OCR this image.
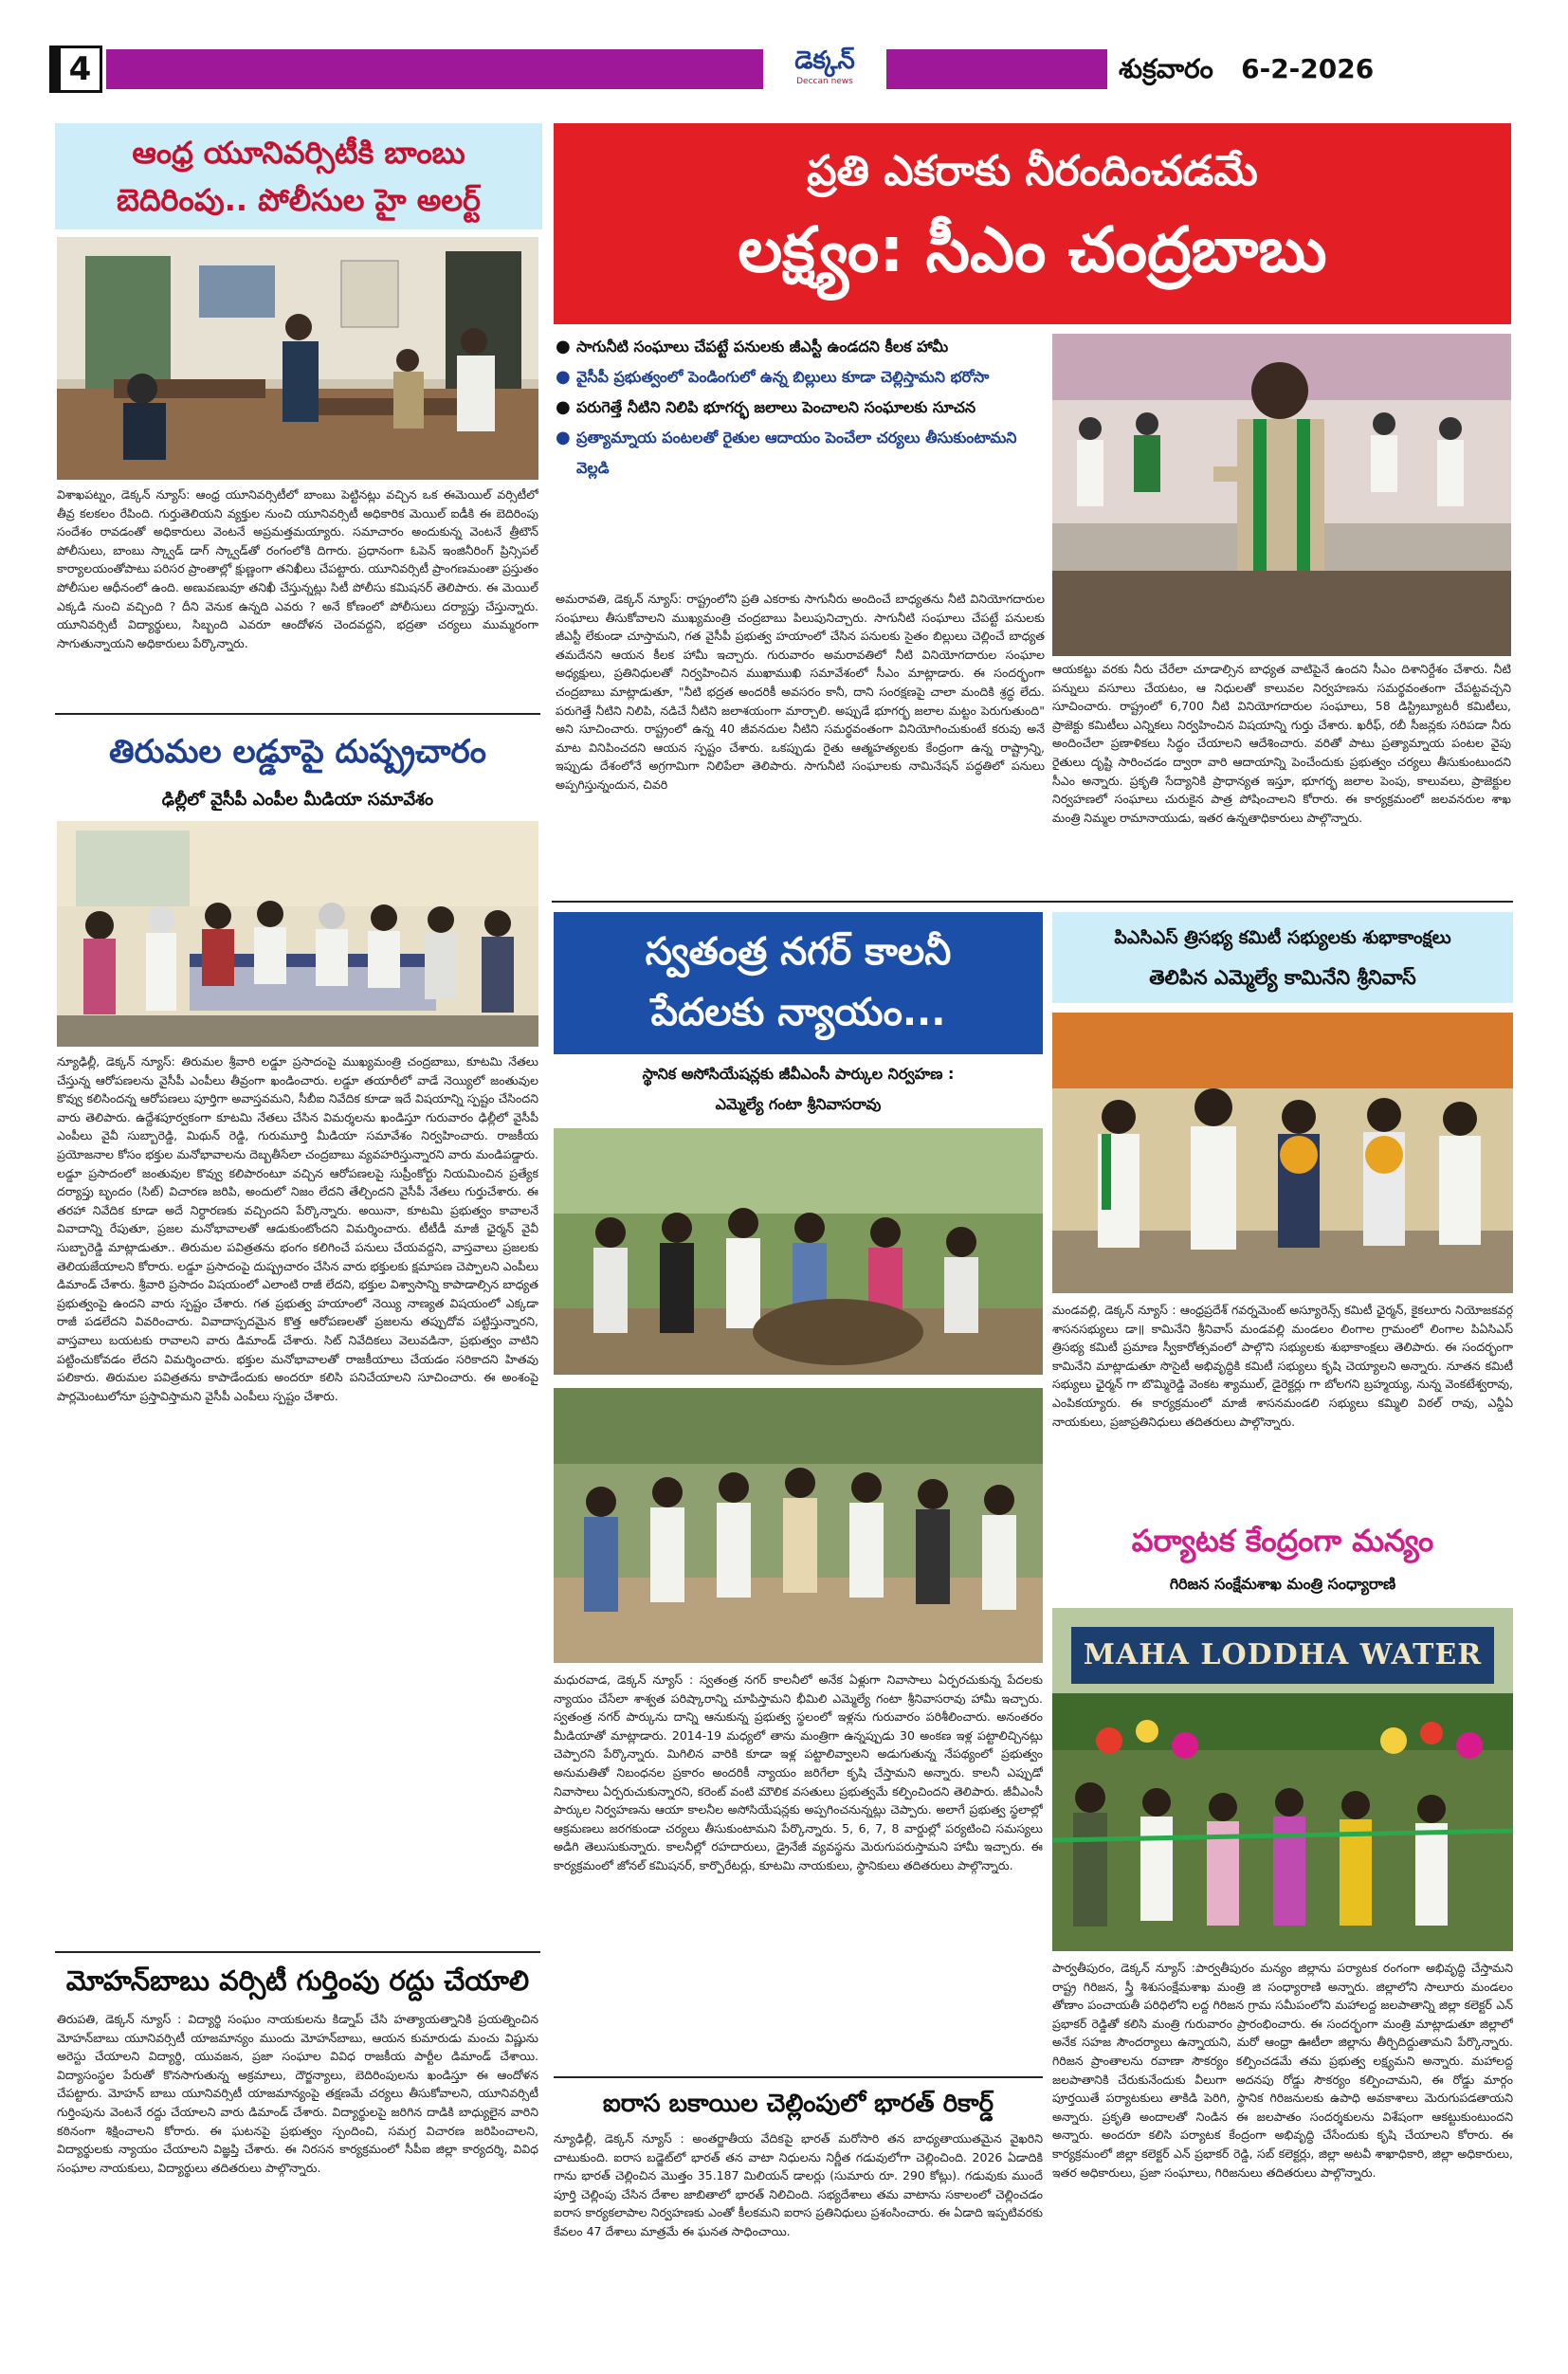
4	డెక్కన్
Deccan news	శుక్రవారం   6-2-2026
ఆంధ్ర యూనివర్సిటీకి బాంబు
బెదిరింపు.. పోలీసుల హై అలర్ట్
విశాఖపట్నం, డెక్కన్ న్యూస్: ఆంధ్ర యూనివర్సిటీలో బాంబు పెట్టినట్లు వచ్చిన ఒక ఈమెయిల్ వర్సిటీలో తీవ్ర కలకలం రేపింది. గుర్తుతెలియని వ్యక్తుల నుంచి యూనివర్సిటీ అధికారిక మెయిల్ ఐడీకి ఈ బెదిరింపు సందేశం రావడంతో అధికారులు వెంటనే అప్రమత్తమయ్యారు. సమాచారం అందుకున్న వెంటనే త్రీటౌన్ పోలీసులు, బాంబు స్క్వాడ్ డాగ్ స్క్వాడ్‌తో రంగంలోకి దిగారు. ప్రధానంగా ఓపెన్ ఇంజినీరింగ్ ప్రిన్సిపల్ కార్యాలయంతోపాటు పరిసర ప్రాంతాల్లో క్షుణ్ణంగా తనిఖీలు చేపట్టారు. యూనివర్సిటీ ప్రాంగణమంతా ప్రస్తుతం పోలీసుల ఆధీనంలో ఉంది. అణువణువూ తనిఖీ చేస్తున్నట్లు సిటీ పోలీసు కమిషనర్ తెలిపారు. ఈ మెయిల్ ఎక్కడి నుంచి వచ్చింది ? దీని వెనుక ఉన్నది ఎవరు ? అనే కోణంలో పోలీసులు దర్యాప్తు చేస్తున్నారు. యూనివర్సిటీ విద్యార్థులు, సిబ్బంది ఎవరూ ఆందోళన చెందవద్దని, భద్రతా చర్యలు ముమ్మరంగా సాగుతున్నాయని అధికారులు పేర్కొన్నారు.
తిరుమల లడ్డూపై దుష్ప్రచారం
ఢిల్లీలో వైసీపీ ఎంపీల మీడియా సమావేశం
న్యూఢిల్లీ, డెక్కన్ న్యూస్: తిరుమల శ్రీవారి లడ్డూ ప్రసాదంపై ముఖ్యమంత్రి చంద్రబాబు, కూటమి నేతలు చేస్తున్న ఆరోపణలను వైసీపీ ఎంపీలు తీవ్రంగా ఖండించారు. లడ్డూ తయారీలో వాడే నెయ్యిలో జంతువుల కొవ్వు కలిసిందన్న ఆరోపణలు పూర్తిగా అవాస్తవమని, సీబీఐ నివేదిక కూడా ఇదే విషయాన్ని స్పష్టం చేసిందని వారు తెలిపారు. ఉద్దేశపూర్వకంగా కూటమి నేతలు చేసిన విమర్శలను ఖండిస్తూ గురువారం ఢిల్లీలో వైసీపీ ఎంపీలు వైవీ సుబ్బారెడ్డి, మిథున్ రెడ్డి, గురుమూర్తి మీడియా సమావేశం నిర్వహించారు. రాజకీయ ప్రయోజనాల కోసం భక్తుల మనోభావాలను దెబ్బతీసేలా చంద్రబాబు వ్యవహరిస్తున్నారని వారు మండిపడ్డారు. లడ్డూ ప్రసాదంలో జంతువుల కొవ్వు కలిపారంటూ వచ్చిన ఆరోపణలపై సుప్రీంకోర్టు నియమించిన ప్రత్యేక దర్యాప్తు బృందం (సిట్) విచారణ జరిపి, అందులో నిజం లేదని తేల్చిందని వైసీపీ నేతలు గుర్తుచేశారు. ఈ తరహా నివేదిక కూడా అదే నిర్ధారణకు వచ్చిందని పేర్కొన్నారు. అయినా, కూటమి ప్రభుత్వం కావాలనే వివాదాన్ని రేపుతూ, ప్రజల మనోభావాలతో ఆడుకుంటోందని విమర్శించారు. టీటీడీ మాజీ ఛైర్మన్ వైవీ సుబ్బారెడ్డి మాట్లాడుతూ.. తిరుమల పవిత్రతను భంగం కలిగించే పనులు చేయవద్దని, వాస్తవాలు ప్రజలకు తెలియజేయాలని కోరారు. లడ్డూ ప్రసాదంపై దుష్ప్రచారం చేసిన వారు భక్తులకు క్షమాపణ చెప్పాలని ఎంపీలు డిమాండ్ చేశారు. శ్రీవారి ప్రసాదం విషయంలో ఎలాంటి రాజీ లేదని, భక్తుల విశ్వాసాన్ని కాపాడాల్సిన బాధ్యత ప్రభుత్వంపై ఉందని వారు స్పష్టం చేశారు. గత ప్రభుత్వ హయాంలో నెయ్యి నాణ్యత విషయంలో ఎక్కడా రాజీ పడలేదని వివరించారు. వివాదాస్పదమైన కొత్త ఆరోపణలతో ప్రజలను తప్పుదోవ పట్టిస్తున్నారని, వాస్తవాలు బయటకు రావాలని వారు డిమాండ్ చేశారు. సిట్ నివేదికలు వెలువడినా, ప్రభుత్వం వాటిని పట్టించుకోవడం లేదని విమర్శించారు. భక్తుల మనోభావాలతో రాజకీయాలు చేయడం సరికాదని హితవు పలికారు. తిరుమల పవిత్రతను కాపాడేందుకు అందరూ కలిసి పనిచేయాలని సూచించారు. ఈ అంశంపై పార్లమెంటులోనూ ప్రస్తావిస్తామని వైసీపీ ఎంపీలు స్పష్టం చేశారు.
మోహన్‌బాబు వర్సిటీ గుర్తింపు రద్దు చేయాలి
తిరుపతి, డెక్కన్ న్యూస్ : విద్యార్థి సంఘం నాయకులను కిడ్నాప్ చేసి హత్యాయత్నానికి ప్రయత్నించిన మోహన్‌బాబు యూనివర్సిటీ యాజమాన్యం ముందు మోహన్‌బాబు, ఆయన కుమారుడు మంచు విష్ణును అరెస్టు చేయాలని విద్యార్థి, యువజన, ప్రజా సంఘాల వివిధ రాజకీయ పార్టీల డిమాండ్ చేశాయి. విద్యాసంస్థల పేరుతో కొనసాగుతున్న అక్రమాలు, దౌర్జన్యాలు, బెదిరింపులను ఖండిస్తూ ఈ ఆందోళన చేపట్టారు. మోహన్ బాబు యూనివర్సిటీ యాజమాన్యంపై తక్షణమే చర్యలు తీసుకోవాలని, యూనివర్సిటీ గుర్తింపును వెంటనే రద్దు చేయాలని వారు డిమాండ్ చేశారు. విద్యార్థులపై జరిగిన దాడికి బాధ్యులైన వారిని కఠినంగా శిక్షించాలని కోరారు. ఈ ఘటనపై ప్రభుత్వం స్పందించి, సమగ్ర విచారణ జరిపించాలని, విద్యార్థులకు న్యాయం చేయాలని విజ్ఞప్తి చేశారు. ఈ నిరసన కార్యక్రమంలో సీపీఐ జిల్లా కార్యదర్శి, వివిధ సంఘాల నాయకులు, విద్యార్థులు తదితరులు పాల్గొన్నారు.
ప్రతి ఎకరాకు నీరందించడమే
లక్ష్యం: సీఎం చంద్రబాబు
● సాగునీటి సంఘాలు చేపట్టే పనులకు జీఎస్టీ ఉండదని కీలక హామీ
● వైసీపీ ప్రభుత్వంలో పెండింగులో ఉన్న బిల్లులు కూడా చెల్లిస్తామని భరోసా
● పరుగెత్తే నీటిని నిలిపి భూగర్భ జలాలు పెంచాలని సంఘాలకు సూచన
● ప్రత్యామ్నాయ పంటలతో రైతుల ఆదాయం పెంచేలా చర్యలు తీసుకుంటామని వెల్లడి
అమరావతి, డెక్కన్ న్యూస్: రాష్ట్రంలోని ప్రతి ఎకరాకు సాగునీరు అందించే బాధ్యతను నీటి వినియోగదారుల సంఘాలు తీసుకోవాలని ముఖ్యమంత్రి చంద్రబాబు పిలుపునిచ్చారు. సాగునీటి సంఘాలు చేపట్టే పనులకు జీఎస్టీ లేకుండా చూస్తామని, గత వైసీపీ ప్రభుత్వ హయాంలో చేసిన పనులకు సైతం బిల్లులు చెల్లించే బాధ్యత తమదేనని ఆయన కీలక హామీ ఇచ్చారు. గురువారం అమరావతిలో నీటి వినియోగదారుల సంఘాల అధ్యక్షులు, ప్రతినిధులతో నిర్వహించిన ముఖాముఖి సమావేశంలో సీఎం మాట్లాడారు. ఈ సందర్భంగా చంద్రబాబు మాట్లాడుతూ, "నీటి భద్రత అందరికీ అవసరం కానీ, దాని సంరక్షణపై చాలా మందికి శ్రద్ధ లేదు. పరుగెత్తే నీటిని నిలిపి, నడిచే నీటిని జలాశయంగా మార్చాలి. అప్పుడే భూగర్భ జలాల మట్టం పెరుగుతుంది" అని సూచించారు. రాష్ట్రంలో ఉన్న 40 జీవనదుల నీటిని సమర్థవంతంగా వినియోగించుకుంటే కరువు అనే మాట వినిపించదని ఆయన స్పష్టం చేశారు. ఒకప్పుడు రైతు ఆత్మహత్యలకు కేంద్రంగా ఉన్న రాష్ట్రాన్ని, ఇప్పుడు దేశంలోనే అగ్రగామిగా నిలిపేలా తెలిపారు. సాగునీటి సంఘాలకు నామినేషన్ పద్ధతిలో పనులు అప్పగిస్తున్నందున, చివరి
ఆయకట్టు వరకు నీరు చేరేలా చూడాల్సిన బాధ్యత వాటిపైనే ఉందని సీఎం దిశానిర్దేశం చేశారు. నీటి పన్నులు వసూలు చేయటం, ఆ నిధులతో కాలువల నిర్వహణను సమర్థవంతంగా చేపట్టవచ్చని సూచించారు. రాష్ట్రంలో 6,700 నీటి వినియోగదారుల సంఘాలు, 58 డిస్ట్రిబ్యూటరీ కమిటీలు, ప్రాజెక్టు కమిటీలు ఎన్నికలు నిర్వహించిన విషయాన్ని గుర్తు చేశారు. ఖరీఫ్, రబీ సీజన్లకు సరిపడా నీరు అందించేలా ప్రణాళికలు సిద్ధం చేయాలని ఆదేశించారు. వరితో పాటు ప్రత్యామ్నాయ పంటల వైపు రైతులు దృష్టి సారించడం ద్వారా వారి ఆదాయాన్ని పెంచేందుకు ప్రభుత్వం చర్యలు తీసుకుంటుందని సీఎం అన్నారు. ప్రకృతి సేద్యానికి ప్రాధాన్యత ఇస్తూ, భూగర్భ జలాల పెంపు, కాలువలు, ప్రాజెక్టుల నిర్వహణలో సంఘాలు చురుకైన పాత్ర పోషించాలని కోరారు. ఈ కార్యక్రమంలో జలవనరుల శాఖ మంత్రి నిమ్మల రామానాయుడు, ఇతర ఉన్నతాధికారులు పాల్గొన్నారు.
స్వతంత్ర నగర్ కాలనీ
పేదలకు న్యాయం...
స్థానిక అసోసియేషన్లకు జీవీఎంసీ పార్కుల నిర్వహణ :
ఎమ్మెల్యే గంటా శ్రీనివాసరావు
మధురవాడ, డెక్కన్ న్యూస్ : స్వతంత్ర నగర్ కాలనీలో అనేక ఏళ్లుగా నివాసాలు ఏర్పరచుకున్న పేదలకు న్యాయం చేసేలా శాశ్వత పరిష్కారాన్ని చూపిస్తామని భీమిలి ఎమ్మెల్యే గంటా శ్రీనివాసరావు హామీ ఇచ్చారు. స్వతంత్ర నగర్ పార్కును దాన్ని ఆనుకున్న ప్రభుత్వ స్థలంలో ఇళ్లను గురువారం పరిశీలించారు. అనంతరం మీడియాతో మాట్లాడారు. 2014-19 మధ్యలో తాను మంత్రిగా ఉన్నప్పుడు 30 అంకణ ఇళ్ల పట్టాలిచ్చినట్లు చెప్పారని పేర్కొన్నారు. మిగిలిన వారికి కూడా ఇళ్ల పట్టాలివ్వాలని అడుగుతున్న నేపథ్యంలో ప్రభుత్వం అనుమతితో నిబంధనల ప్రకారం అందరికీ న్యాయం జరిగేలా కృషి చేస్తామని అన్నారు. కాలనీ ఎప్పుడో నివాసాలు ఏర్పరుచుకున్నారని, కరెంట్ వంటి మౌలిక వసతులు ప్రభుత్వమే కల్పించిందని తెలిపారు. జీవీఎంసీ పార్కుల నిర్వహణను ఆయా కాలనీల అసోసియేషన్లకు అప్పగించనున్నట్లు చెప్పారు. అలాగే ప్రభుత్వ స్థలాల్లో ఆక్రమణలు జరగకుండా చర్యలు తీసుకుంటామని పేర్కొన్నారు. 5, 6, 7, 8 వార్డుల్లో పర్యటించి సమస్యలు అడిగి తెలుసుకున్నారు. కాలనీల్లో రహదారులు, డ్రైనేజీ వ్యవస్థను మెరుగుపరుస్తామని హామీ ఇచ్చారు. ఈ కార్యక్రమంలో జోనల్ కమిషనర్, కార్పొరేటర్లు, కూటమి నాయకులు, స్థానికులు తదితరులు పాల్గొన్నారు.
ఐరాస బకాయిల చెల్లింపులో భారత్ రికార్డ్
న్యూఢిల్లీ, డెక్కన్ న్యూస్ : అంతర్జాతీయ వేదికపై భారత్ మరోసారి తన బాధ్యతాయుతమైన వైఖరిని చాటుకుంది. ఐరాస బడ్జెట్‌లో భారత్ తన వాటా నిధులను నిర్ణీత గడువులోగా చెల్లించింది. 2026 ఏడాదికి గాను భారత్ చెల్లించిన మొత్తం 35.187 మిలియన్ డాలర్లు (సుమారు రూ. 290 కోట్లు). గడువుకు ముందే పూర్తి చెల్లింపు చేసిన దేశాల జాబితాలో భారత్ నిలిచింది. సభ్యదేశాలు తమ వాటాను సకాలంలో చెల్లించడం ఐరాస కార్యకలాపాల నిర్వహణకు ఎంతో కీలకమని ఐరాస ప్రతినిధులు ప్రశంసించారు. ఈ ఏడాది ఇప్పటివరకు కేవలం 47 దేశాలు మాత్రమే ఈ ఘనత సాధించాయి.
పిఎసిఎస్ త్రిసభ్య కమిటీ సభ్యులకు శుభాకాంక్షలు
తెలిపిన ఎమ్మెల్యే కామినేని శ్రీనివాస్
మండవల్లి, డెక్కన్ న్యూస్ : ఆంధ్రప్రదేశ్ గవర్నమెంట్ అస్యూరెన్స్ కమిటీ ఛైర్మన్, కైకలూరు నియోజకవర్గ శాసనసభ్యులు డా॥ కామినేని శ్రీనివాస్ మండవల్లి మండలం లింగాల గ్రామంలో లింగాల పిఏసిఎస్ త్రిసభ్య కమిటీ ప్రమాణ స్వీకారోత్సవంలో పాల్గొని సభ్యులకు శుభాకాంక్షలు తెలిపారు. ఈ సందర్భంగా కామినేని మాట్లాడుతూ సొసైటీ అభివృద్ధికి కమిటీ సభ్యులు కృషి చెయ్యాలని అన్నారు. నూతన కమిటీ సభ్యులు ఛైర్మన్ గా బొమ్మిరెడ్డి వెంకట శ్యాముల్, డైరెక్టర్లు గా బోలగని బ్రహ్మయ్య, నున్న వెంకటేశ్వరావు, ఎంపికయ్యారు. ఈ కార్యక్రమంలో మాజీ శాసనమండలి సభ్యులు కమ్మిలి విఠల్ రావు, ఎన్డీఏ నాయకులు, ప్రజాప్రతినిధులు తదితరులు పాల్గొన్నారు.
పర్యాటక కేంద్రంగా మన్యం
గిరిజన సంక్షేమశాఖ మంత్రి సంధ్యారాణి
MAHA LODDHA WATER
పార్వతీపురం, డెక్కన్ న్యూస్ :పార్వతీపురం మన్యం జిల్లాను పర్యాటక రంగంగా అభివృద్ధి చేస్తామని రాష్ట్ర గిరిజన, స్త్రీ శిశుసంక్షేమశాఖ మంత్రి జి సంధ్యారాణి అన్నారు. జిల్లాలోని సాలూరు మండలం తోణాం పంచాయతీ పరిధిలోని లద్ద గిరిజన గ్రామ సమీపంలోని మహాలద్ద జలపాతాన్ని జిల్లా కలెక్టర్ ఎన్ ప్రభాకర్ రెడ్డితో కలిసి మంత్రి గురువారం ప్రారంభించారు. ఈ సందర్భంగా మంత్రి మాట్లాడుతూ జిల్లాలో అనేక సహజ సౌందర్యాలు ఉన్నాయని, మరో ఆంధ్రా ఊటీలా జిల్లాను తీర్చిదిద్దుతామని పేర్కొన్నారు. గిరిజన ప్రాంతాలను రవాణా సౌకర్యం కల్పించడమే తమ ప్రభుత్వ లక్ష్యమని అన్నారు. మహాలద్ద జలపాతానికి చేరుకునేందుకు వీలుగా అదనపు రోడ్డు సౌకర్యం కల్పించామని, ఈ రోడ్డు మార్గం పూర్తయితే పర్యాటకులు తాకిడి పెరిగి, స్థానిక గిరిజనులకు ఉపాధి అవకాశాలు మెరుగుపడతాయని అన్నారు. ప్రకృతి అందాలతో నిండిన ఈ జలపాతం సందర్శకులను విశేషంగా ఆకట్టుకుంటుందని అన్నారు. అందరూ కలిసి పర్యాటక కేంద్రంగా అభివృద్ధి చేసేందుకు కృషి చేయాలని కోరారు. ఈ కార్యక్రమంలో జిల్లా కలెక్టర్ ఎన్ ప్రభాకర్ రెడ్డి, సబ్ కలెక్టర్లు, జిల్లా అటవీ శాఖాధికారి, జిల్లా అధికారులు, ఇతర అధికారులు, ప్రజా సంఘాలు, గిరిజనులు తదితరులు పాల్గొన్నారు.
